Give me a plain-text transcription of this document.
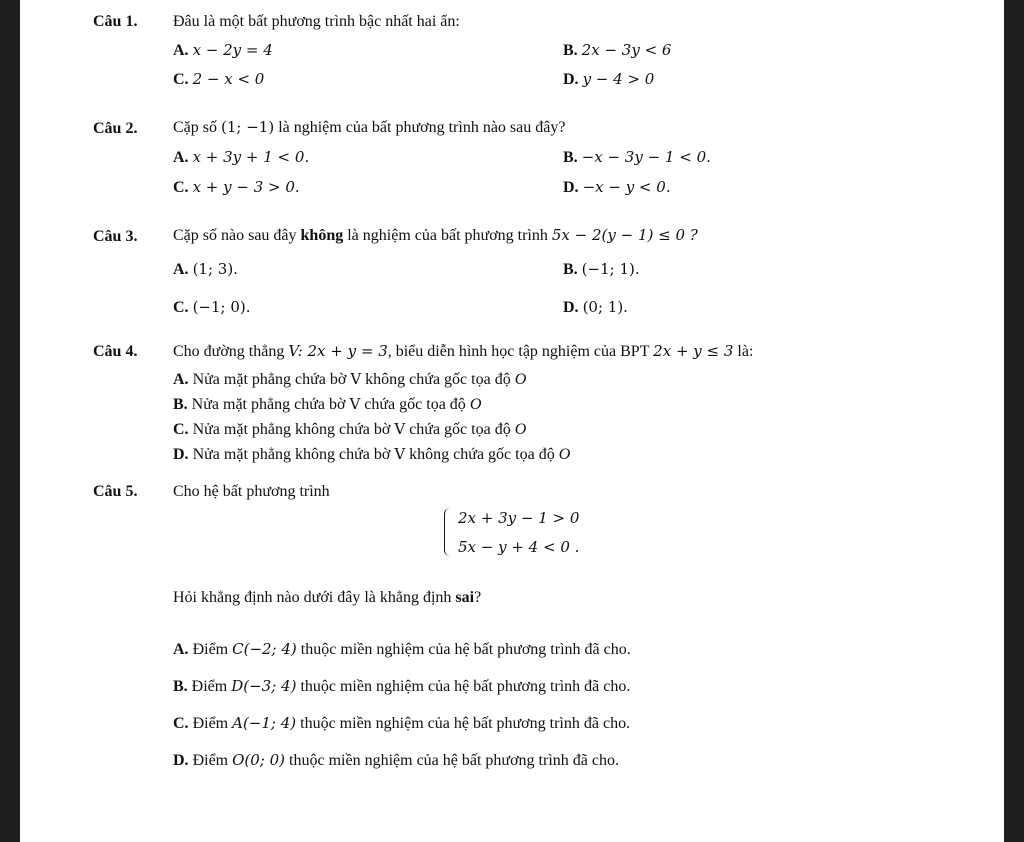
Câu 1. Đâu là một bất phương trình bậc nhất hai ẩn:
A. x − 2y = 4	B. 2x − 3y < 6
C. 2 − x < 0	D. y − 4 > 0
Câu 2. Cặp số (1; −1) là nghiệm của bất phương trình nào sau đây?
A. x + 3y + 1 < 0.	B. −x − 3y − 1 < 0.
C. x + y − 3 > 0.	D. −x − y < 0.
Câu 3. Cặp số nào sau đây không là nghiệm của bất phương trình 5x − 2(y − 1) ≤ 0 ?
A. (1; 3).	B. (−1; 1).
C. (−1; 0).	D. (0; 1).
Câu 4. Cho đường thẳng V: 2x + y = 3, biểu diễn hình học tập nghiệm của BPT 2x + y ≤ 3 là:
A. Nửa mặt phẳng chứa bờ V không chứa gốc tọa độ O
B. Nửa mặt phẳng chứa bờ V chứa gốc tọa độ O
C. Nửa mặt phẳng không chứa bờ V chứa gốc tọa độ O
D. Nửa mặt phẳng không chứa bờ V không chứa gốc tọa độ O
Câu 5. Cho hệ bất phương trình
2x + 3y − 1 > 0
5x − y + 4 < 0 .
Hỏi khẳng định nào dưới đây là khẳng định sai?
A. Điểm C(−2; 4) thuộc miền nghiệm của hệ bất phương trình đã cho.
B. Điểm D(−3; 4) thuộc miền nghiệm của hệ bất phương trình đã cho.
C. Điểm A(−1; 4) thuộc miền nghiệm của hệ bất phương trình đã cho.
D. Điểm O(0; 0) thuộc miền nghiệm của hệ bất phương trình đã cho.
